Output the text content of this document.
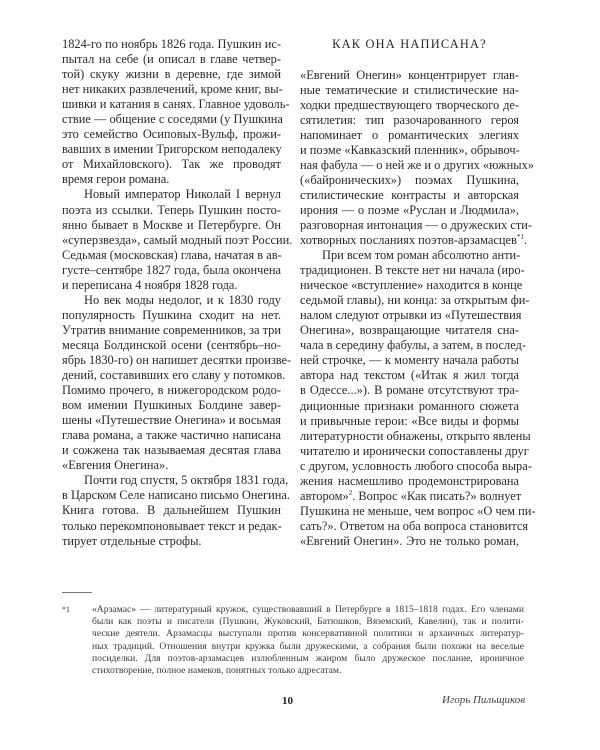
1824-го по ноябрь 1826 года. Пушкин ис-
пытал на себе (и описал в главе четвер-
той) скуку жизни в деревне, где зимой
нет никаких развлечений, кроме книг, вы-
шивки и катания в санях. Главное удоволь-
ствие — общение с соседями (у Пушкина
это семейство Осиповых-Вульф, прожи-
вавших в имении Тригорском неподалеку
от Михайловского). Так же проводят
время герои романа.
Новый император Николай I вернул
поэта из ссылки. Теперь Пушкин посто-
янно бывает в Москве и Петербурге. Он
«суперзвезда», самый модный поэт России.
Седьмая (московская) глава, начатая в ав-
густе–сентябре 1827 года, была окончена
и переписана 4 ноября 1828 года.
Но век моды недолог, и к 1830 году
популярность Пушкина сходит на нет.
Утратив внимание современников, за три
месяца Болдинской осени (сентябрь–но-
ябрь 1830-го) он напишет десятки произве-
дений, составивших его славу у потомков.
Помимо прочего, в нижегородском родо-
вом имении Пушкиных Болдине завер-
шены «Путешествие Онегина» и восьмая
глава романа, а также частично написана
и сожжена так называемая десятая глава
«Евгения Онегина».
Почти год спустя, 5 октября 1831 года,
в Царском Селе написано письмо Онегина.
Книга готова. В дальнейшем Пушкин
только перекомпоновывает текст и редак-
тирует отдельные строфы.
КАК ОНА НАПИСАНА?
«Евгений Онегин» концентрирует глав-
ные тематические и стилистические на-
ходки предшествующего творческого де-
сятилетия: тип разочарованного героя
напоминает о романтических элегиях
и поэме «Кавказский пленник», обрывоч-
ная фабула — о ней же и о других «южных»
(«байронических») поэмах Пушкина,
стилистические контрасты и авторская
ирония — о поэме «Руслан и Людмила»,
разговорная интонация — о дружеских сти-
хотворных посланиях поэтов-арзамасцев$^{*1}$.
При всем том роман абсолютно анти-
традиционен. В тексте нет ни начала (иро-
ническое «вступление» находится в конце
седьмой главы), ни конца: за открытым фи-
налом следуют отрывки из «Путешествия
Онегина», возвращающие читателя сна-
чала в середину фабулы, а затем, в послед-
ней строчке, — к моменту начала работы
автора над текстом («Итак я жил тогда
в Одессе...»). В романе отсутствуют тра-
диционные признаки романного сюжета
и привычные герои: «Все виды и формы
литературности обнажены, открыто явлены
читателю и иронически сопоставлены друг
с другом, условность любого способа выра-
жения насмешливо продемонстрирована
автором»$^2$. Вопрос «Как писать?» волнует
Пушкина не меньше, чем вопрос «О чем пи-
сать?». Ответом на оба вопроса становится
«Евгений Онегин». Это не только роман,
*1 «Арзамас» — литературный кружок, существовавший в Петербурге в 1815–1818 годах. Его членами
были как поэты и писатели (Пушкин, Жуковский, Батюшков, Вяземский, Кавелин), так и полити-
ческие деятели. Арзамасцы выступали против консервативной политики и архаичных литератур-
ных традиций. Отношения внутри кружка были дружескими, а собрания были похожи на веселые
посиделки. Для поэтов-арзамасцев излюбленным жанром было дружеское послание, ироничное
стихотворение, полное намеков, понятных только адресатам.
10	Игорь Пильщиков
